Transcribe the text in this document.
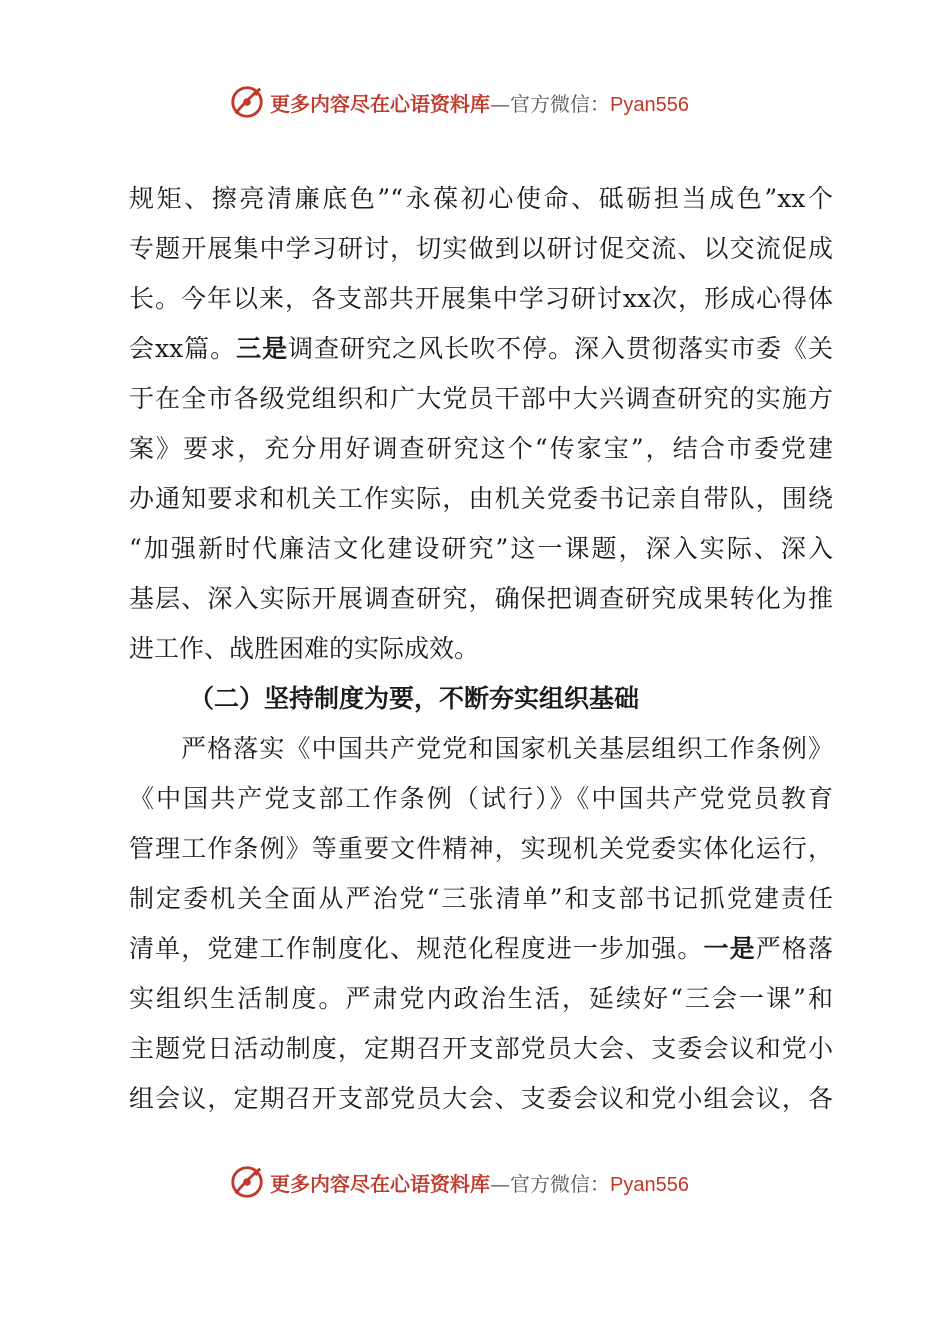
更多内容尽在心语资料库—官方微信：Pyan556
规矩、擦亮清廉底色”“永葆初心使命、砥砺担当成色”xx个
专题开展集中学习研讨，切实做到以研讨促交流、以交流促成
长。今年以来，各支部共开展集中学习研讨xx次，形成心得体
会xx篇。三是调查研究之风长吹不停。深入贯彻落实市委《关
于在全市各级党组织和广大党员干部中大兴调查研究的实施方
案》要求，充分用好调查研究这个“传家宝”，结合市委党建
办通知要求和机关工作实际，由机关党委书记亲自带队，围绕
“加强新时代廉洁文化建设研究”这一课题，深入实际、深入
基层、深入实际开展调查研究，确保把调查研究成果转化为推
进工作、战胜困难的实际成效。
（二）坚持制度为要，不断夯实组织基础
严格落实《中国共产党党和国家机关基层组织工作条例》
《中国共产党支部工作条例（试行）》《中国共产党党员教育
管理工作条例》等重要文件精神，实现机关党委实体化运行，
制定委机关全面从严治党“三张清单”和支部书记抓党建责任
清单，党建工作制度化、规范化程度进一步加强。一是严格落
实组织生活制度。严肃党内政治生活，延续好“三会一课”和
主题党日活动制度，定期召开支部党员大会、支委会议和党小
组会议，定期召开支部党员大会、支委会议和党小组会议，各
更多内容尽在心语资料库—官方微信：Pyan556
